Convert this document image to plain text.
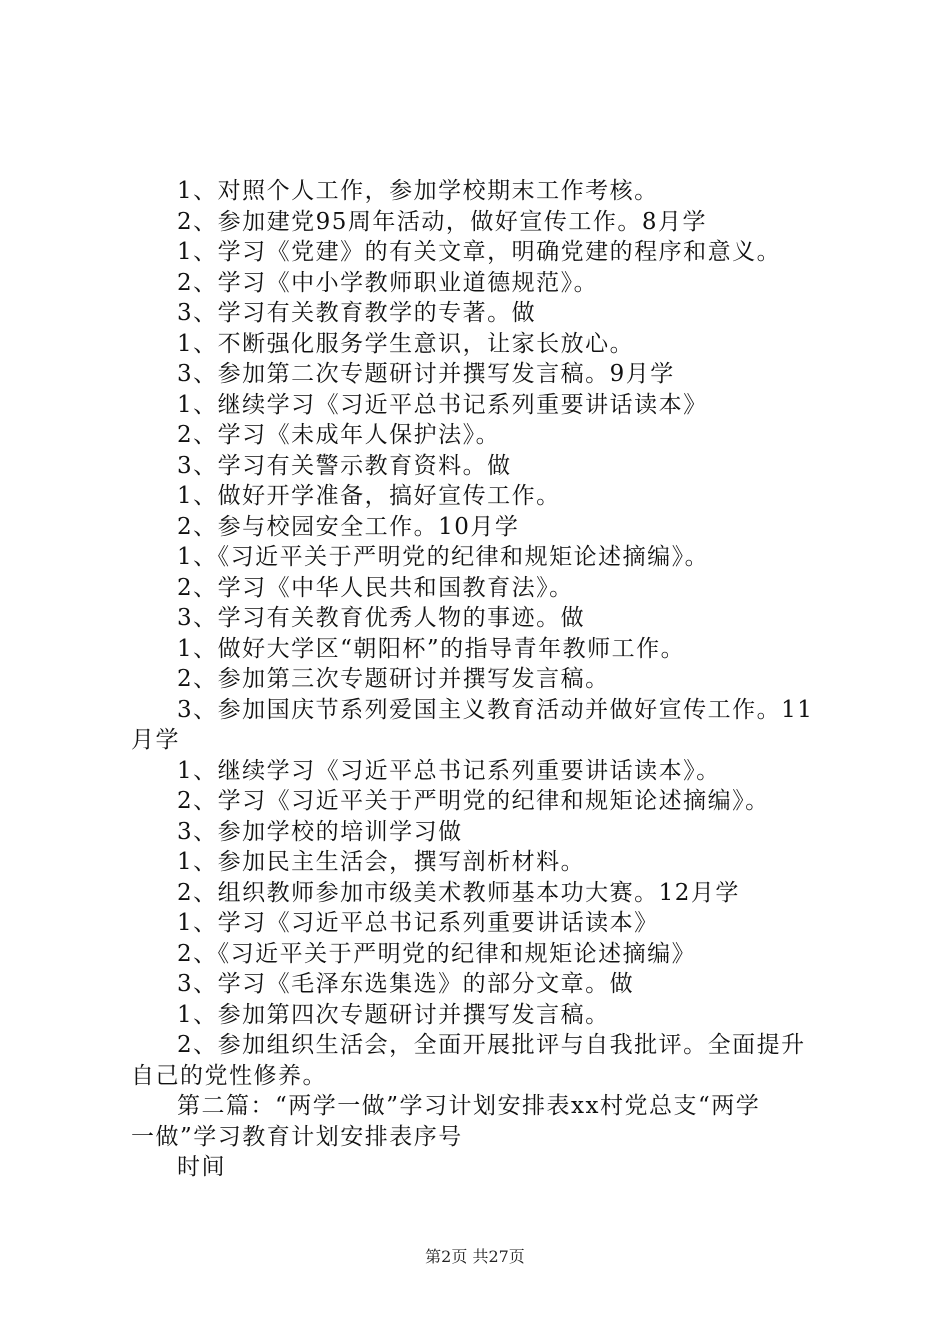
1、对照个人工作，参加学校期末工作考核。
2、参加建党95周年活动，做好宣传工作。8月学
1、学习《党建》的有关文章，明确党建的程序和意义。
2、学习《中小学教师职业道德规范》。
3、学习有关教育教学的专著。做
1、不断强化服务学生意识，让家长放心。
3、参加第二次专题研讨并撰写发言稿。9月学
1、继续学习《习近平总书记系列重要讲话读本》
2、学习《未成年人保护法》。
3、学习有关警示教育资料。做
1、做好开学准备，搞好宣传工作。
2、参与校园安全工作。10月学
1、《习近平关于严明党的纪律和规矩论述摘编》。
2、学习《中华人民共和国教育法》。
3、学习有关教育优秀人物的事迹。做
1、做好大学区“朝阳杯”的指导青年教师工作。
2、参加第三次专题研讨并撰写发言稿。
3、参加国庆节系列爱国主义教育活动并做好宣传工作。11
月学
1、继续学习《习近平总书记系列重要讲话读本》。
2、学习《习近平关于严明党的纪律和规矩论述摘编》。
3、参加学校的培训学习做
1、参加民主生活会，撰写剖析材料。
2、组织教师参加市级美术教师基本功大赛。12月学
1、学习《习近平总书记系列重要讲话读本》
2、《习近平关于严明党的纪律和规矩论述摘编》
3、学习《毛泽东选集选》的部分文章。做
1、参加第四次专题研讨并撰写发言稿。
2、参加组织生活会，全面开展批评与自我批评。全面提升
自己的党性修养。
第二篇：“两学一做”学习计划安排表xx村党总支“两学
一做”学习教育计划安排表序号
时间
第2页 共27页
